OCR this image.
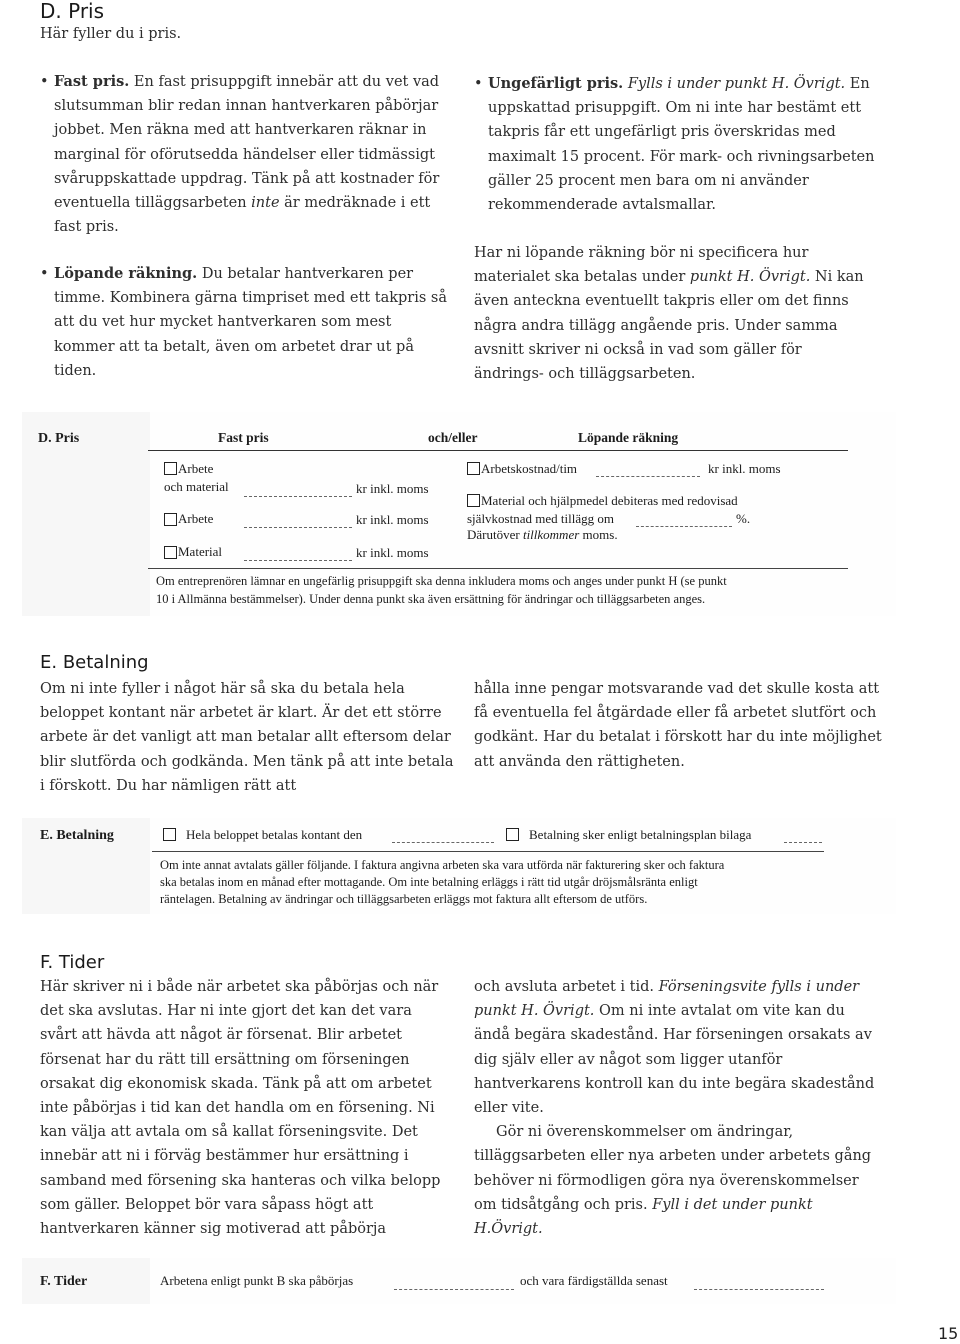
D. Pris
Här fyller du i pris.
• Fast pris. En fast prisuppgift innebär att du vet vad slutsumman blir redan innan hantverkaren påbörjar jobbet. Men räkna med att hantverkaren räknar in marginal för oförutsedda händelser eller tidmässigt svåruppskattade uppdrag. Tänk på att kostnader för eventuella tilläggsarbeten inte är medräknade i ett fast pris.
• Löpande räkning. Du betalar hantverkaren per timme. Kombinera gärna timpriset med ett takpris så att du vet hur mycket hantverkaren som mest kommer att ta betalt, även om arbetet drar ut på tiden.
• Ungefärligt pris. Fylls i under punkt H. Övrigt. En uppskattad prisuppgift. Om ni inte har bestämt ett takpris får ett ungefärligt pris överskridas med maximalt 15 procent. För mark- och rivningsarbeten gäller 25 procent men bara om ni använder rekommenderade avtalsmallar.
Har ni löpande räkning bör ni specificera hur materialet ska betalas under punkt H. Övrigt. Ni kan även anteckna eventuellt takpris eller om det finns några andra tillägg angående pris. Under samma avsnitt skriver ni också in vad som gäller för ändrings- och tilläggsarbeten.
D. Pris	Fast pris	och/eller	Löpande räkning
Arbete
och material	kr inkl. moms
Arbete	kr inkl. moms
Material	kr inkl. moms
Arbetskostnad/tim	kr inkl. moms
Material och hjälpmedel debiteras med redovisad
självkostnad med tillägg om	%.
Därutöver tillkommer moms.
Om entreprenören lämnar en ungefärlig prisuppgift ska denna inkludera moms och anges under punkt H (se punkt
10 i Allmänna bestämmelser). Under denna punkt ska även ersättning för ändringar och tilläggsarbeten anges.
E. Betalning
Om ni inte fyller i något här så ska du betala hela beloppet kontant när arbetet är klart. Är det ett större arbete är det vanligt att man betalar allt eftersom delar blir slutförda och godkända. Men tänk på att inte betala i förskott. Du har nämligen rätt att
hålla inne pengar motsvarande vad det skulle kosta att få eventuella fel åtgärdade eller få arbetet slutfört och godkänt. Har du betalat i förskott har du inte möjlighet att använda den rättigheten.
E. Betalning	Hela beloppet betalas kontant den	Betalning sker enligt betalningsplan bilaga
Om inte annat avtalats gäller följande. I faktura angivna arbeten ska vara utförda när fakturering sker och faktura
ska betalas inom en månad efter mottagande. Om inte betalning erläggs i rätt tid utgår dröjsmålsränta enligt
räntelagen. Betalning av ändringar och tilläggsarbeten erläggs mot faktura allt eftersom de utförs.
F. Tider
Här skriver ni i både när arbetet ska påbörjas och när det ska avslutas. Har ni inte gjort det kan det vara svårt att hävda att något är försenat. Blir arbetet försenat har du rätt till ersättning om förseningen orsakat dig ekonomisk skada. Tänk på att om arbetet inte påbörjas i tid kan det handla om en försening. Ni kan välja att avtala om så kallat förseningsvite. Det innebär att ni i förväg bestämmer hur ersättning i samband med försening ska hanteras och vilka belopp som gäller. Beloppet bör vara såpass högt att hantverkaren känner sig motiverad att påbörja

och avsluta arbetet i tid. Förseningsvite fylls i under punkt H. Övrigt. Om ni inte avtalat om vite kan du ändå begära skadestånd. Har förseningen orsakats av dig själv eller av något som ligger utanför hantverkarens kontroll kan du inte begära skadestånd eller vite.

Gör ni överenskommelser om ändringar, tilläggsarbeten eller nya arbeten under arbetets gång behöver ni förmodligen göra nya överenskommelser om tidsåtgång och pris. Fyll i det under punkt H.Övrigt.

F. Tider	Arbetena enligt punkt B ska påbörjas	och vara färdigställda senast
15
